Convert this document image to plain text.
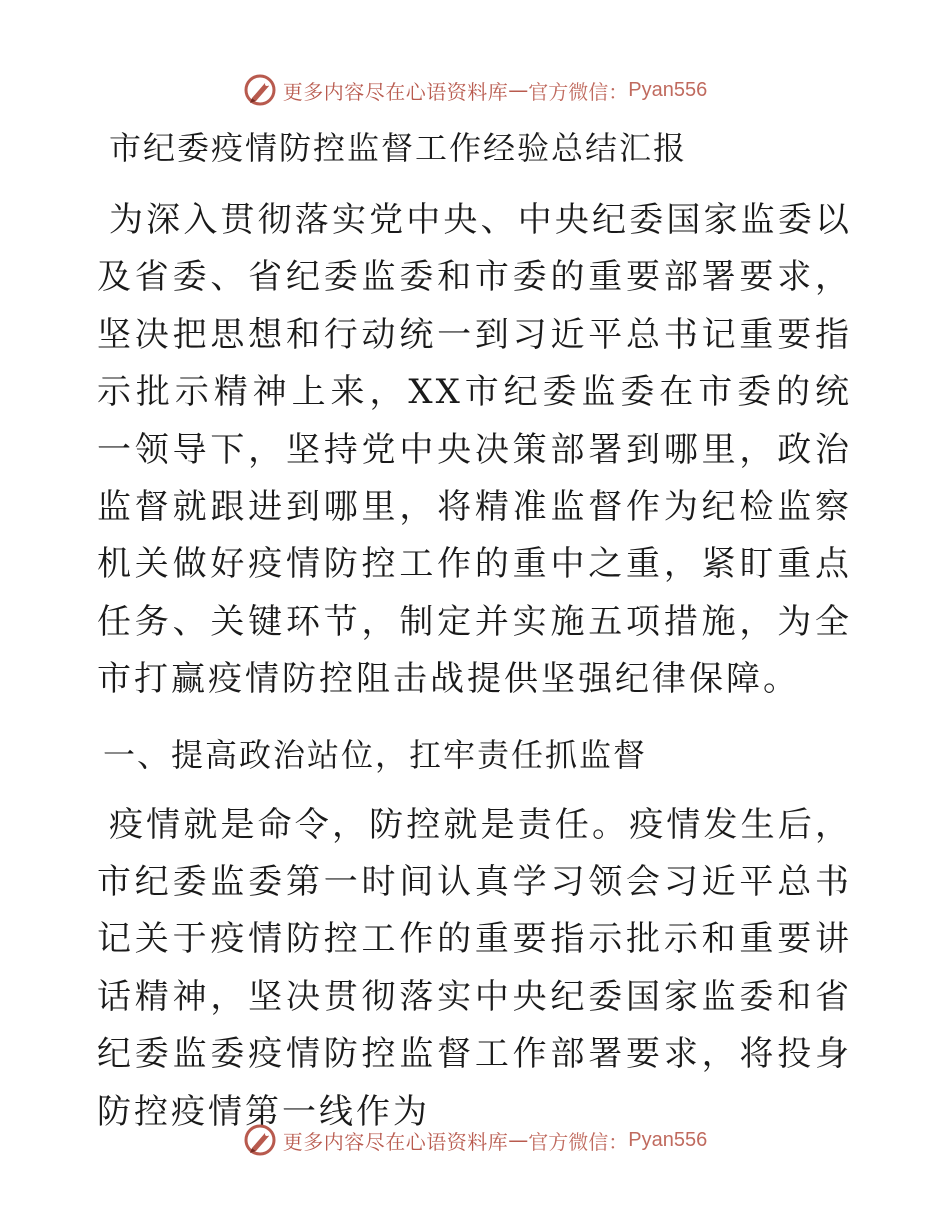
更多内容尽在心语资料库 — 官方微信： Pyan556
市纪委疫情防控监督工作经验总结汇报
为深入贯彻落实党中央、中央纪委国家监委以及省委、省纪委监委和市委的重要部署要求，坚决把思想和行动统一到习近平总书记重要指示批示精神上来，XX市纪委监委在市委的统一领导下，坚持党中央决策部署到哪里，政治监督就跟进到哪里，将精准监督作为纪检监察机关做好疫情防控工作的重中之重，紧盯重点任务、关键环节，制定并实施五项措施，为全市打赢疫情防控阻击战提供坚强纪律保障。
一、提高政治站位，扛牢责任抓监督
疫情就是命令，防控就是责任。疫情发生后，市纪委监委第一时间认真学习领会习近平总书记关于疫情防控工作的重要指示批示和重要讲话精神，坚决贯彻落实中央纪委国家监委和省纪委监委疫情防控监督工作部署要求，将投身防控疫情第一线作为
更多内容尽在心语资料库 — 官方微信： Pyan556
